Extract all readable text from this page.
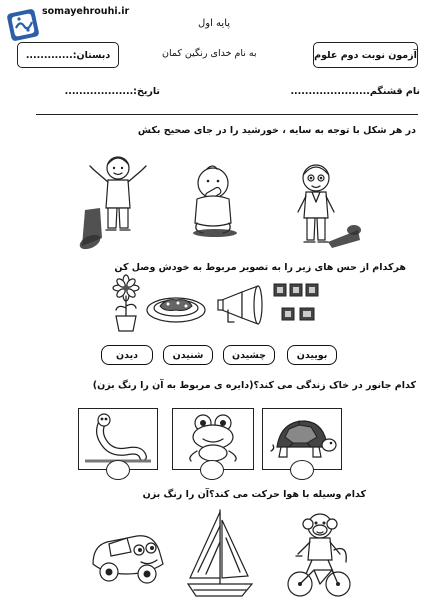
somayehrouhi.ir
پایه اول
دبستان:.............	به نام خدای رنگین کمان	آزمون نوبت دوم علوم
نام قشنگم......................
تاریخ:...................
در هر شکل با توجه به سایه ، خورشید را در جای صحیح بکش
هرکدام از حس های زیر را به تصویر مربوط به خودش وصل کن
بوییدن
چشیدن
شنیدن
دیدن
کدام جانور در خاک زندگی می کند؟(دایره ی مربوط به آن را رنگ بزن)
کدام وسیله با هوا حرکت می کند؟آن را رنگ بزن
